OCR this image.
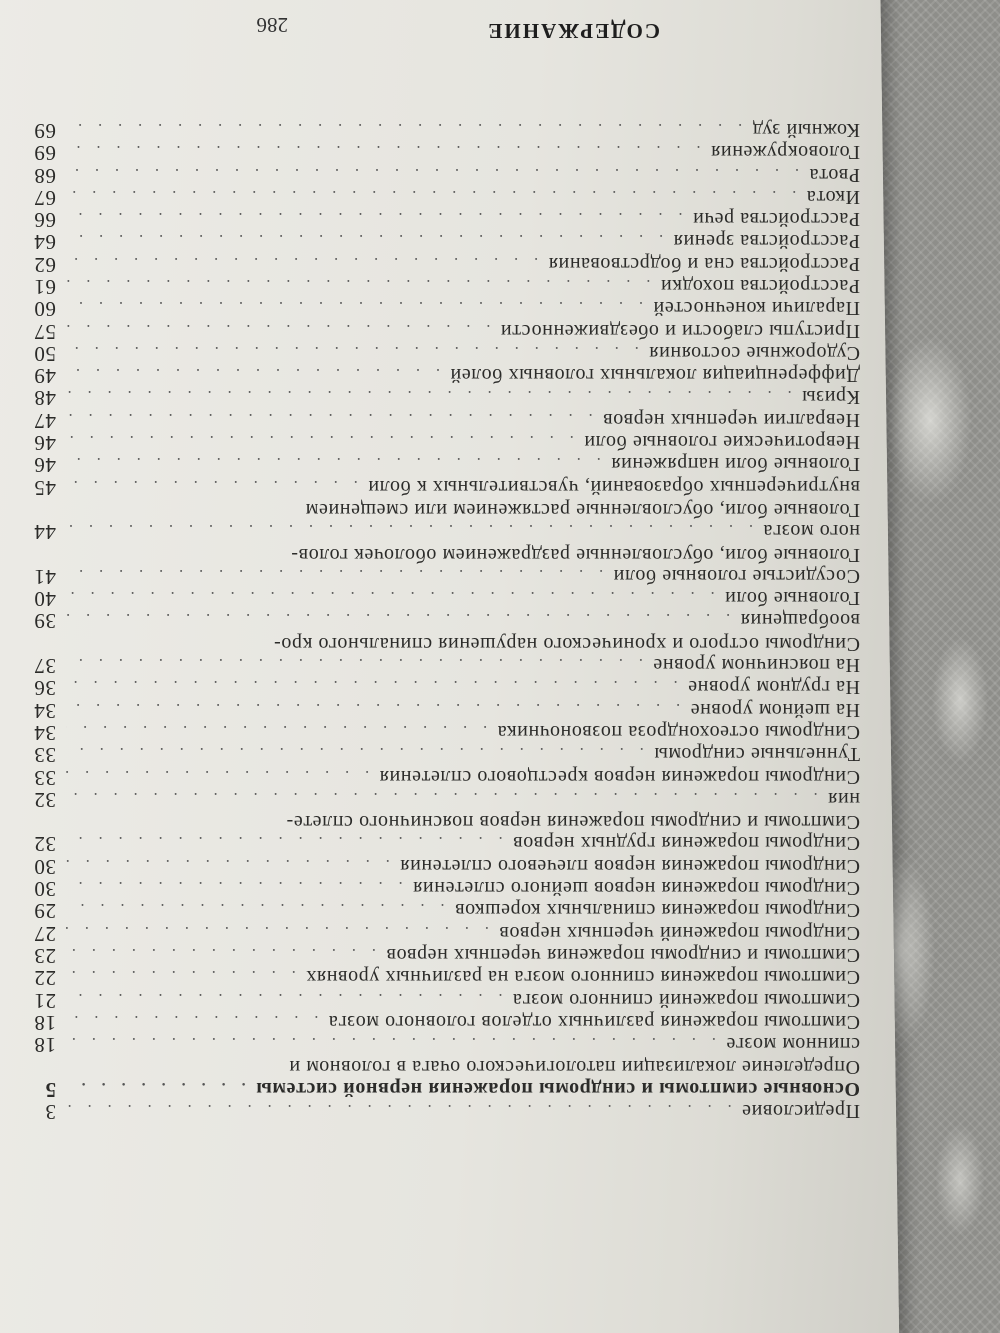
СОДЕРЖАНИЕ
Предисловие
. . .
3
Основные симптомы и синдромы поражения нервной системы
. . .
5
Определение локализации патологического очага в головном и
спинном мозге
. . .
18
Симптомы поражения различных отделов головного мозга
. . .
18
Симптомы поражений спинного мозга
. . .
21
Симптомы поражения спинного мозга на различных уровнях
. . .
22
Симптомы и синдромы поражения черепных нервов
. . .
23
Синдромы поражений черепных нервов
. . .
27
Синдромы поражения спинальных корешков
. . .
29
Синдромы поражения нервов шейного сплетения
. . .
30
Синдромы поражения нервов плечевого сплетения
. . .
30
Синдромы поражения грудных нервов
. . .
32
Симптомы и синдромы поражения нервов поясничного сплете-
ния
. . .
32
Синдромы поражения нервов крестцового сплетения
. . .
33
Туннельные синдромы
. . .
33
Синдромы остеохондроза позвоночника
. . .
34
На шейном уровне
. . .
34
На грудном уровне
. . .
36
На поясничном уровне
. . .
37
Синдромы острого и хронического нарушения спинального кро-
вообращения
. . .
39
Головные боли
. . .
40
Сосудистые головные боли
. . .
41
Головные боли, обусловленные раздражением оболочек голов-
ного мозга
. . .
44
Головные боли, обусловленные растяжением или смещением
внутричерепных образований, чувствительных к боли
. . .
45
Головные боли напряжения
. . .
46
Невротические головные боли
. . .
46
Невралгии черепных нервов
. . .
47
Кризы
. . .
48
Дифференциация локальных головных болей
. . .
49
Судорожные состояния
. . .
50
Приступы слабости и обездвиженности
. . .
57
Параличи конечностей
. . .
60
Расстройства походки
. . .
61
Расстройства сна и бодрствования
. . .
62
Расстройства зрения
. . .
64
Расстройства речи
. . .
66
Икота
. . .
67
Рвота
. . .
68
Головокружения
. . .
69
Кожный зуд
. . .
69
286
